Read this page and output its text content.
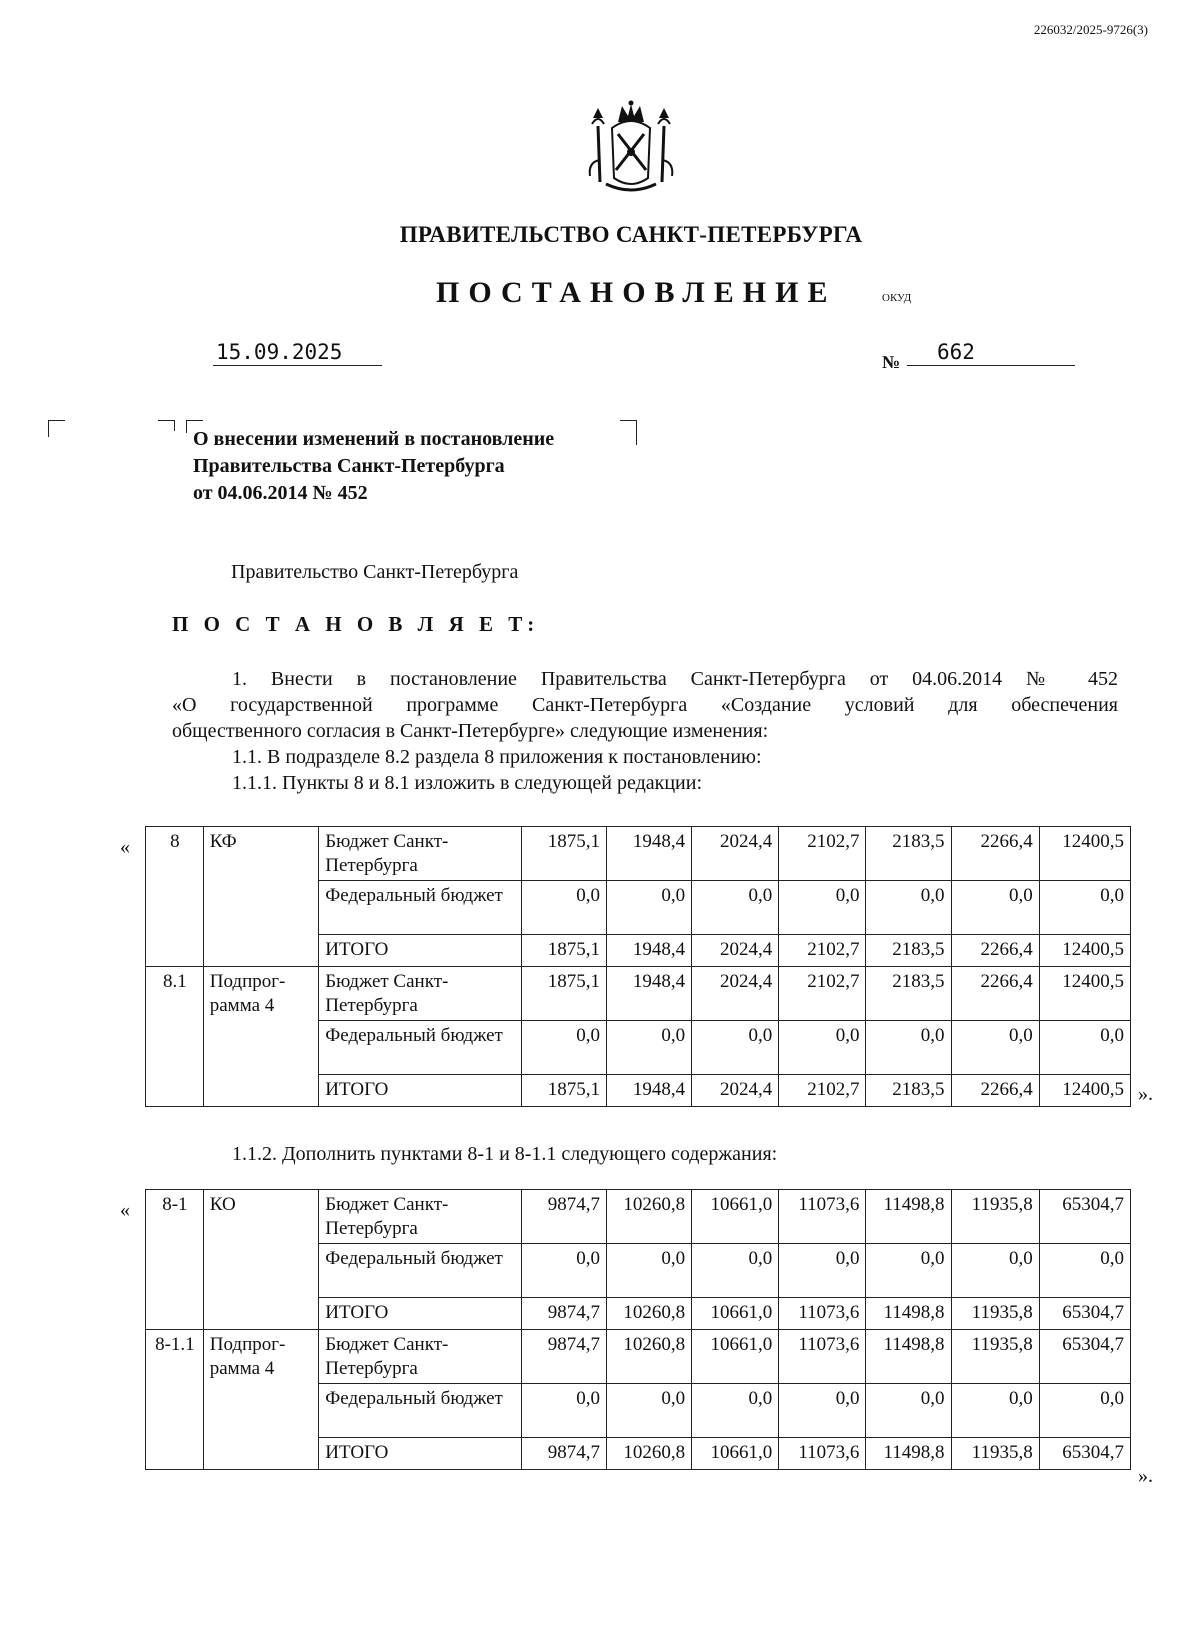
226032/2025-9726(3)
ПРАВИТЕЛЬСТВО САНКТ-ПЕТЕРБУРГА
ПОСТАНОВЛЕНИЕ	ОКУД
15.09.2025	№	662
О внесении изменений в постановление
Правительства Санкт-Петербурга
от 04.06.2014 № 452
Правительство Санкт-Петербурга
П О С Т А Н О В Л Я Е Т:
1. Внести в постановление Правительства Санкт-Петербурга от 04.06.2014 № 452
«О государственной программе Санкт-Петербурга «Создание условий для обеспечения
общественного согласия в Санкт-Петербурге» следующие изменения:
1.1. В подразделе 8.2 раздела 8 приложения к постановлению:
1.1.1. Пункты 8 и 8.1 изложить в следующей редакции:
« 8	КФ	Бюджет Санкт-Петербурга	1875,1	1948,4	2024,4	2102,7	2183,5	2266,4	12400,5
		Федеральный бюджет	0,0	0,0	0,0	0,0	0,0	0,0	0,0
		ИТОГО	1875,1	1948,4	2024,4	2102,7	2183,5	2266,4	12400,5
8.1	Подпрог-
рамма 4	Бюджет Санкт-Петербурга	1875,1	1948,4	2024,4	2102,7	2183,5	2266,4	12400,5
		Федеральный бюджет	0,0	0,0	0,0	0,0	0,0	0,0	0,0
		ИТОГО	1875,1	1948,4	2024,4	2102,7	2183,5	2266,4	12400,5 ».
1.1.2. Дополнить пунктами 8-1 и 8-1.1 следующего содержания:
« 8-1	КО	Бюджет Санкт-Петербурга	9874,7	10260,8	10661,0	11073,6	11498,8	11935,8	65304,7
		Федеральный бюджет	0,0	0,0	0,0	0,0	0,0	0,0	0,0
		ИТОГО	9874,7	10260,8	10661,0	11073,6	11498,8	11935,8	65304,7
8-1.1	Подпрог-
рамма 4	Бюджет Санкт-Петербурга	9874,7	10260,8	10661,0	11073,6	11498,8	11935,8	65304,7
		Федеральный бюджет	0,0	0,0	0,0	0,0	0,0	0,0	0,0
		ИТОГО	9874,7	10260,8	10661,0	11073,6	11498,8	11935,8	65304,7
».
